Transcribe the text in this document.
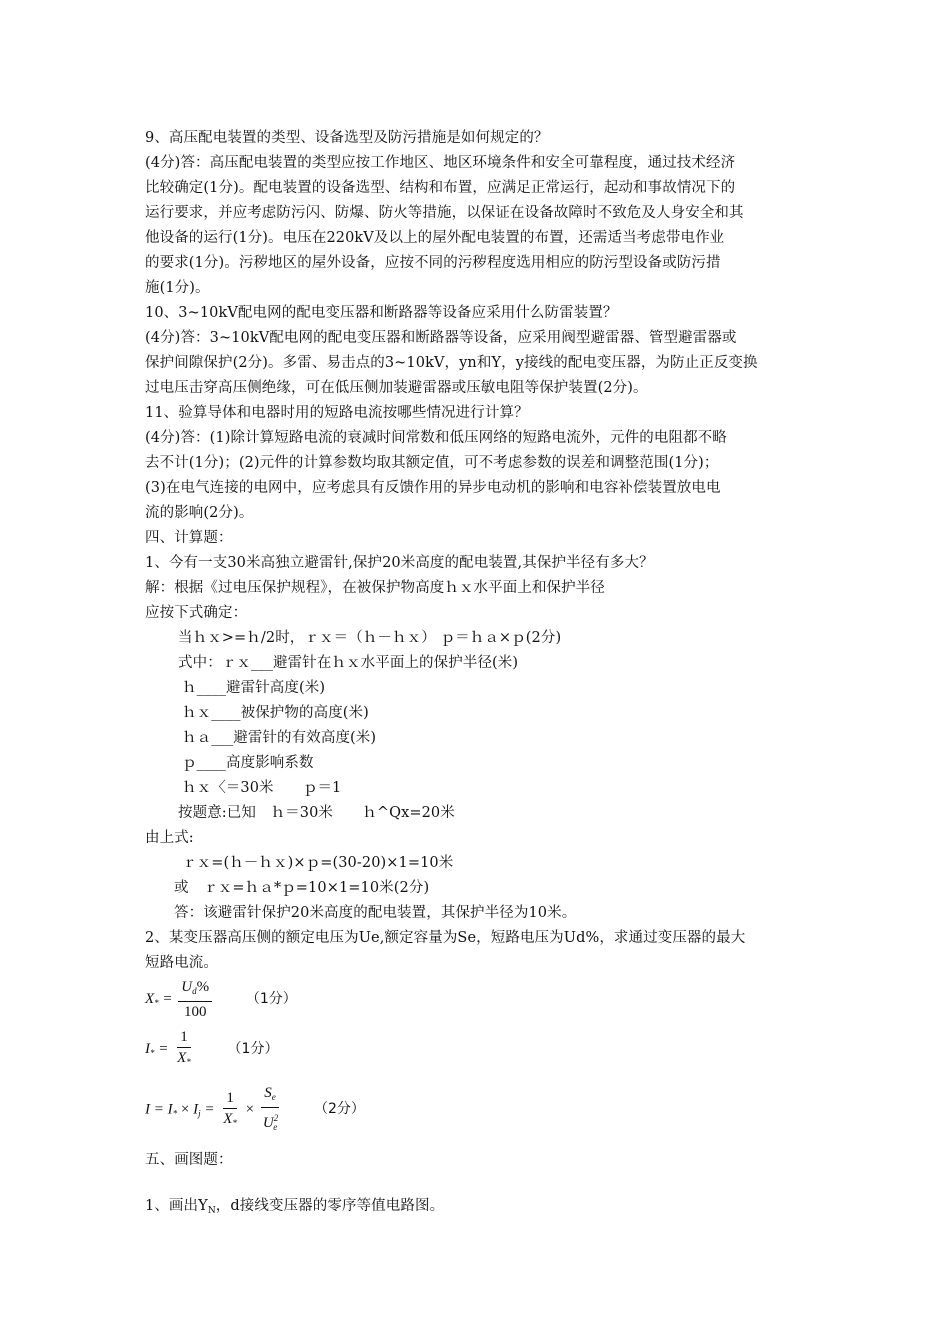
9、高压配电装置的类型、设备选型及防污措施是如何规定的？

(4分)答：高压配电装置的类型应按工作地区、地区环境条件和安全可靠程度，通过技术经济

比较确定(1分)。配电装置的设备选型、结构和布置，应满足正常运行，起动和事故情况下的

运行要求，并应考虑防污闪、防爆、防火等措施，以保证在设备故障时不致危及人身安全和其

他设备的运行(1分)。电压在220kV及以上的屋外配电装置的布置，还需适当考虑带电作业

的要求(1分)。污秽地区的屋外设备，应按不同的污秽程度选用相应的防污型设备或防污措

施(1分)。

10、3~10kV配电网的配电变压器和断路器等设备应采用什么防雷装置？

(4分)答：3~10kV配电网的配电变压器和断路器等设备，应采用阀型避雷器、管型避雷器或

保护间隙保护(2分)。多雷、易击点的3~10kV，yn和Y，y接线的配电变压器，为防止正反变换

过电压击穿高压侧绝缘，可在低压侧加装避雷器或压敏电阻等保护装置(2分)。

11、验算导体和电器时用的短路电流按哪些情况进行计算？

(4分)答：(1)除计算短路电流的衰减时间常数和低压网络的短路电流外，元件的电阻都不略

去不计(1分)；(2)元件的计算参数均取其额定值，可不考虑参数的误差和调整范围(1分)；

(3)在电气连接的电网中，应考虑具有反馈作用的异步电动机的影响和电容补偿装置放电电

流的影响(2分)。

四、计算题：

1、今有一支30米高独立避雷针,保护20米高度的配电装置,其保护半径有多大？

解：根据《过电压保护规程》，在被保护物高度ｈｘ水平面上和保护半径

应按下式确定：

当ｈｘ>=ｈ/2时，ｒｘ＝（ｈ－ｈｘ） ｐ＝ｈａ×ｐ(2分)

式中：ｒｘ___避雷针在ｈｘ水平面上的保护半径(米)

ｈ____避雷针高度(米)

ｈｘ____被保护物的高度(米)

ｈａ___避雷针的有效高度(米)

ｐ____高度影响系数

ｈｘ〈＝30米　　ｐ＝1

按题意:已知　ｈ＝30米　　ｈ^Qx=20米

由上式:

ｒｘ=(ｈ－ｈｘ)×ｐ=(30-20)×1=10米

或　ｒｘ=ｈａ*ｐ=10×1=10米(2分)

答：该避雷针保护20米高度的配电装置，其保护半径为10米。

2、某变压器高压侧的额定电压为Ue,额定容量为Se，短路电压为Ud%，求通过变压器的最大

短路电流。

$X_* = \frac{U_d\%}{100} (1$分）
$I_* = \frac{1}{X_*} (1$分）
$I = I_* \times I_j = \frac{1}{X_*} \times \frac{S_e}{U^2_e} (2$分）

五、画图题：

1、画出$Y_N$，d接线变压器的零序等值电路图。
